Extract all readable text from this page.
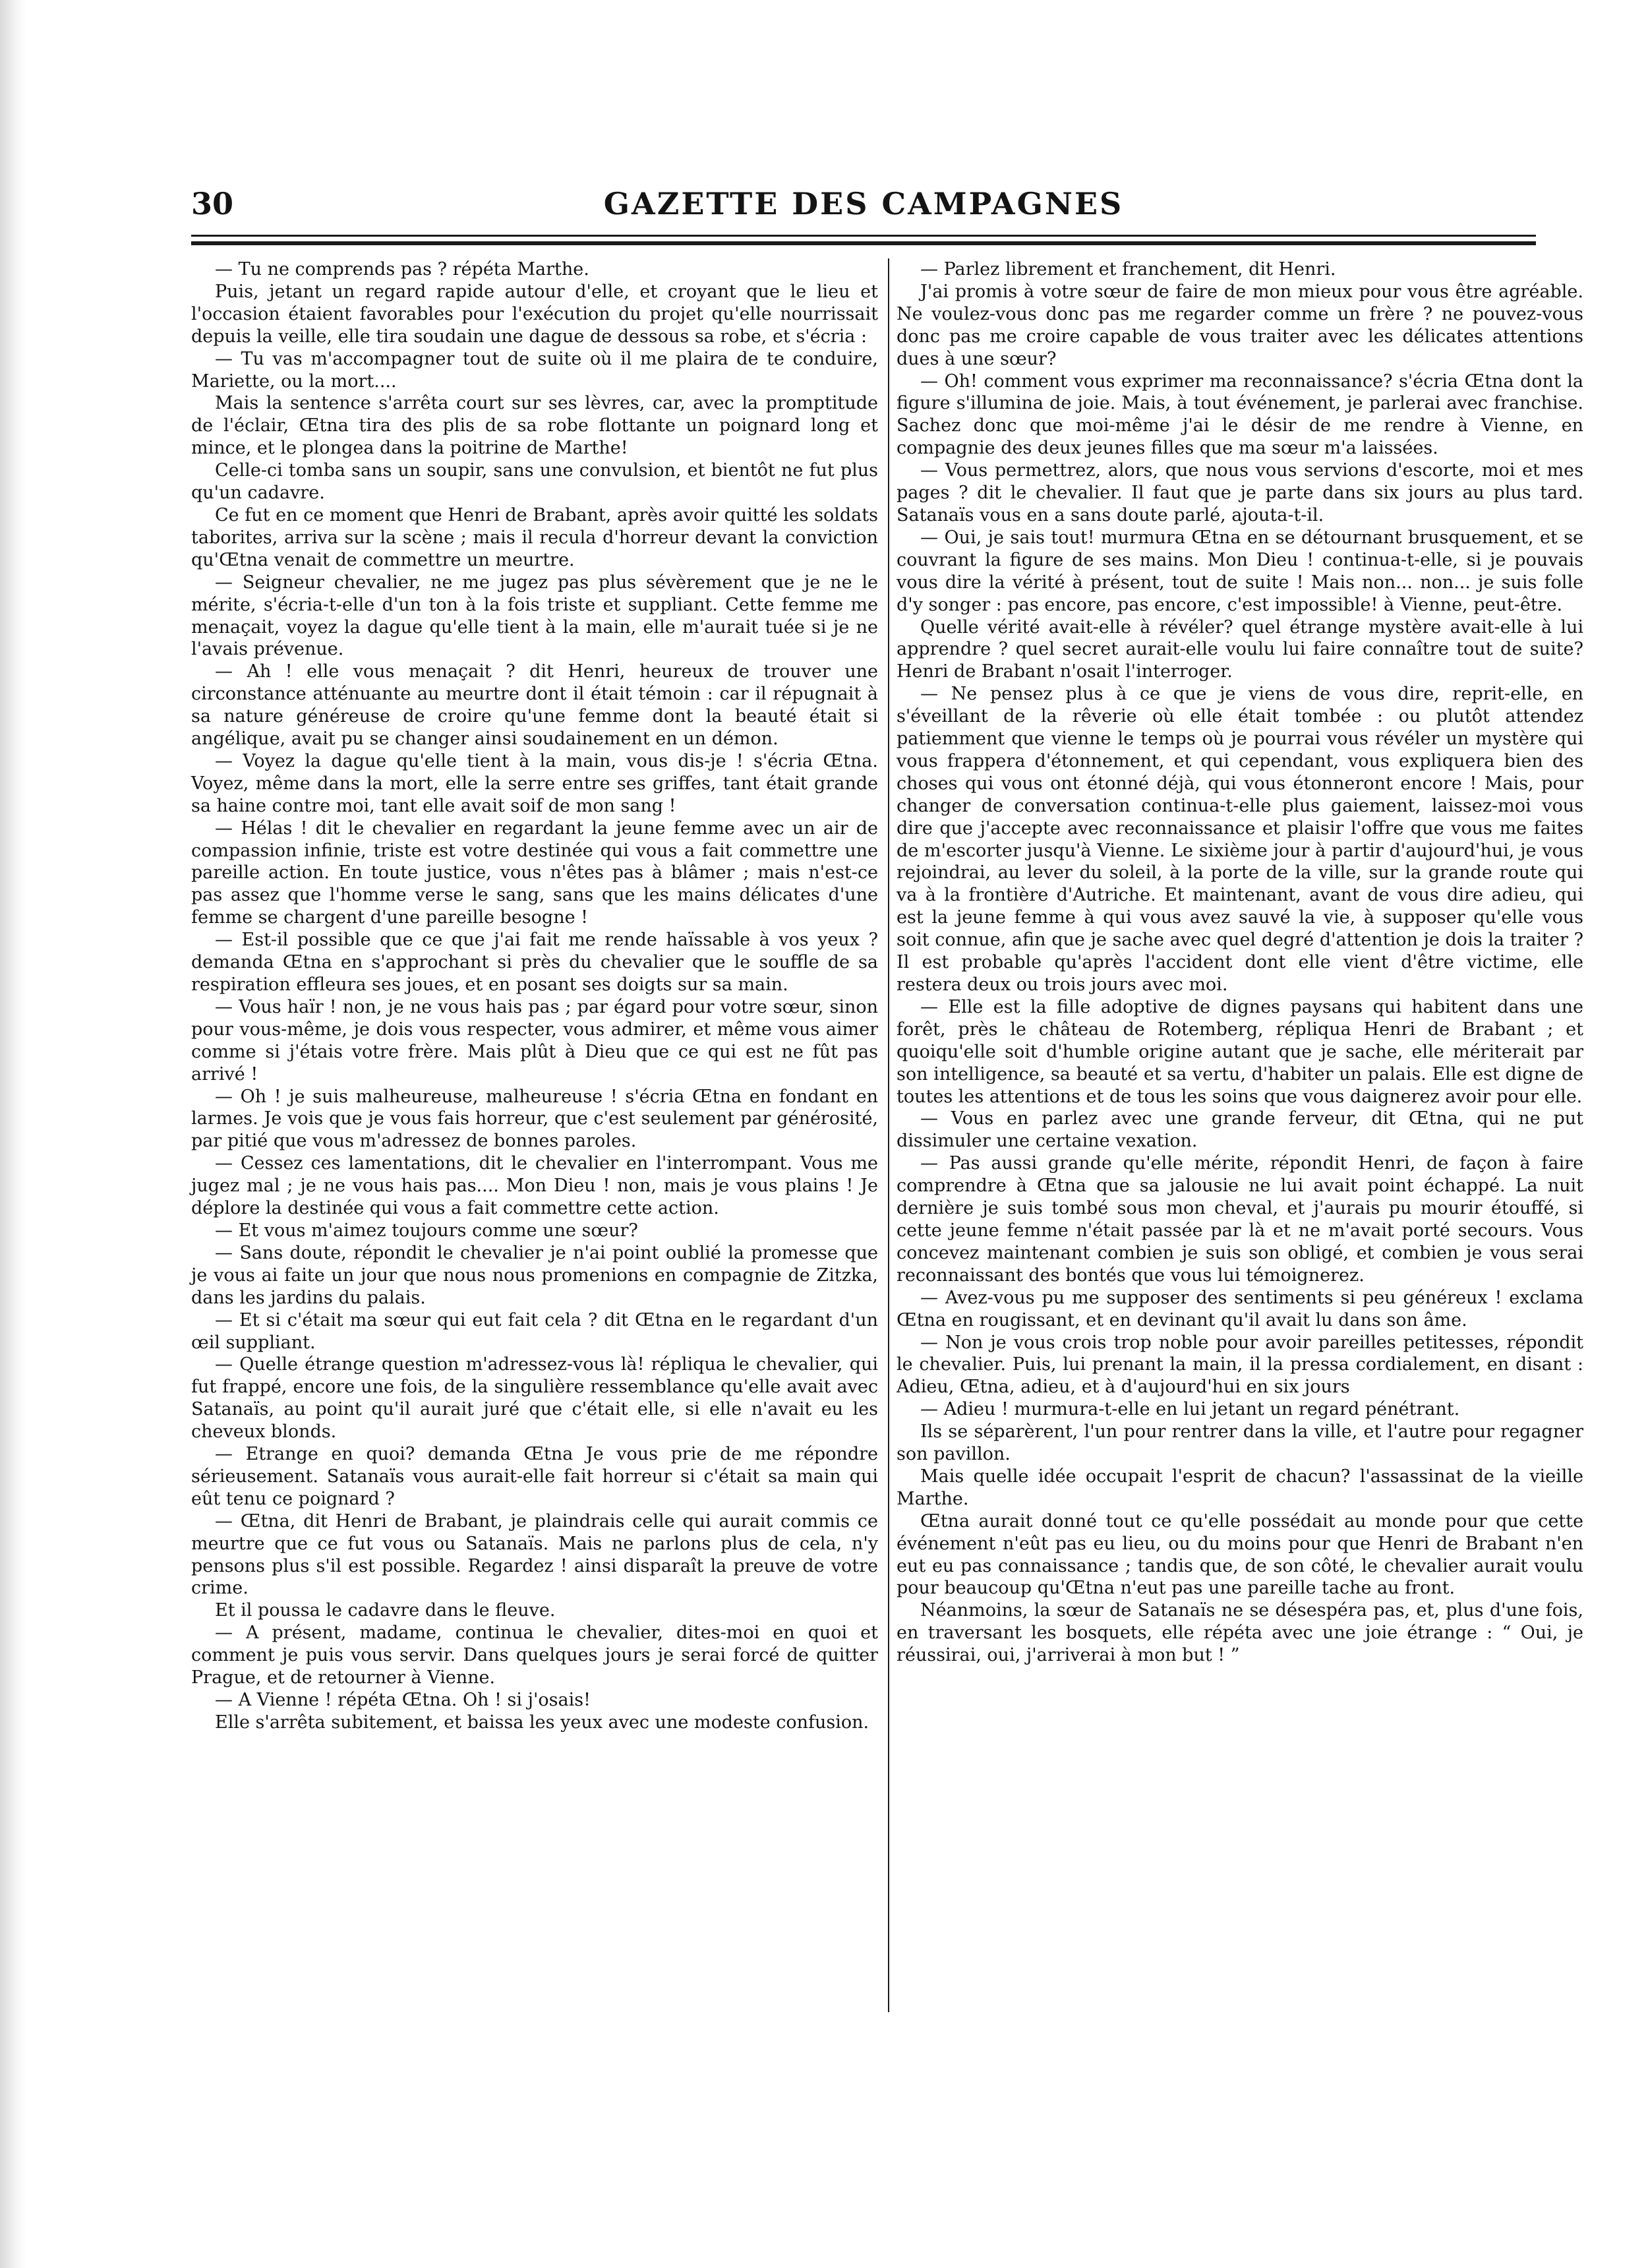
30	GAZETTE DES CAMPAGNES

— Tu ne comprends pas ? répéta Marthe.

Puis, jetant un regard rapide autour d'elle, et croyant que le lieu et l'occasion étaient favorables pour l'exécution du projet qu'elle nourrissait depuis la veille, elle tira soudain une dague de dessous sa robe, et s'écria :

— Tu vas m'accompagner tout de suite où il me plaira de te conduire, Mariette, ou la mort....

Mais la sentence s'arrêta court sur ses lèvres, car, avec la promptitude de l'éclair, Œtna tira des plis de sa robe flottante un poignard long et mince, et le plongea dans la poitrine de Marthe!

Celle-ci tomba sans un soupir, sans une convulsion, et bientôt ne fut plus qu'un cadavre.

Ce fut en ce moment que Henri de Brabant, après avoir quitté les soldats taborites, arriva sur la scène ; mais il recula d'horreur devant la conviction qu'Œtna venait de commettre un meurtre.

— Seigneur chevalier, ne me jugez pas plus sévèrement que je ne le mérite, s'écria-t-elle d'un ton à la fois triste et suppliant. Cette femme me menaçait, voyez la dague qu'elle tient à la main, elle m'aurait tuée si je ne l'avais prévenue.

— Ah ! elle vous menaçait ? dit Henri, heureux de trouver une circonstance atténuante au meurtre dont il était témoin : car il répugnait à sa nature généreuse de croire qu'une femme dont la beauté était si angélique, avait pu se changer ainsi soudainement en un démon.

— Voyez la dague qu'elle tient à la main, vous dis-je ! s'écria Œtna. Voyez, même dans la mort, elle la serre entre ses griffes, tant était grande sa haine contre moi, tant elle avait soif de mon sang !

— Hélas ! dit le chevalier en regardant la jeune femme avec un air de compassion infinie, triste est votre destinée qui vous a fait commettre une pareille action. En toute justice, vous n'êtes pas à blâmer ; mais n'est-ce pas assez que l'homme verse le sang, sans que les mains délicates d'une femme se chargent d'une pareille besogne !

— Est-il possible que ce que j'ai fait me rende haïssable à vos yeux ? demanda Œtna en s'approchant si près du chevalier que le souffle de sa respiration effleura ses joues, et en posant ses doigts sur sa main.

— Vous haïr ! non, je ne vous hais pas ; par égard pour votre sœur, sinon pour vous-même, je dois vous respecter, vous admirer, et même vous aimer comme si j'étais votre frère. Mais plût à Dieu que ce qui est ne fût pas arrivé !

— Oh ! je suis malheureuse, malheureuse ! s'écria Œtna en fondant en larmes. Je vois que je vous fais horreur, que c'est seulement par générosité, par pitié que vous m'adressez de bonnes paroles.

— Cessez ces lamentations, dit le chevalier en l'interrompant. Vous me jugez mal ; je ne vous hais pas.... Mon Dieu ! non, mais je vous plains ! Je déplore la destinée qui vous a fait commettre cette action.

— Et vous m'aimez toujours comme une sœur?

— Sans doute, répondit le chevalier je n'ai point oublié la promesse que je vous ai faite un jour que nous nous promenions en compagnie de Zitzka, dans les jardins du palais.

— Et si c'était ma sœur qui eut fait cela ? dit Œtna en le regardant d'un œil suppliant.

— Quelle étrange question m'adressez-vous là! répliqua le chevalier, qui fut frappé, encore une fois, de la singulière ressemblance qu'elle avait avec Satanaïs, au point qu'il aurait juré que c'était elle, si elle n'avait eu les cheveux blonds.

— Etrange en quoi? demanda Œtna Je vous prie de me répondre sérieusement. Satanaïs vous aurait-elle fait horreur si c'était sa main qui eût tenu ce poignard ?

— Œtna, dit Henri de Brabant, je plaindrais celle qui aurait commis ce meurtre que ce fut vous ou Satanaïs. Mais ne parlons plus de cela, n'y pensons plus s'il est possible. Regardez ! ainsi disparaît la preuve de votre crime.

Et il poussa le cadavre dans le fleuve.

— A présent, madame, continua le chevalier, dites-moi en quoi et comment je puis vous servir. Dans quelques jours je serai forcé de quitter Prague, et de retourner à Vienne.

— A Vienne ! répéta Œtna. Oh ! si j'osais!

Elle s'arrêta subitement, et baissa les yeux avec une modeste confusion.

— Parlez librement et franchement, dit Henri.

J'ai promis à votre sœur de faire de mon mieux pour vous être agréable. Ne voulez-vous donc pas me regarder comme un frère ? ne pouvez-vous donc pas me croire capable de vous traiter avec les délicates attentions dues à une sœur?

— Oh! comment vous exprimer ma reconnaissance? s'écria Œtna dont la figure s'illumina de joie. Mais, à tout événement, je parlerai avec franchise. Sachez donc que moi-même j'ai le désir de me rendre à Vienne, en compagnie des deux jeunes filles que ma sœur m'a laissées.

— Vous permettrez, alors, que nous vous servions d'escorte, moi et mes pages ? dit le chevalier. Il faut que je parte dans six jours au plus tard. Satanaïs vous en a sans doute parlé, ajouta-t-il.

— Oui, je sais tout! murmura Œtna en se détournant brusquement, et se couvrant la figure de ses mains. Mon Dieu ! continua-t-elle, si je pouvais vous dire la vérité à présent, tout de suite ! Mais non... non... je suis folle d'y songer : pas encore, pas encore, c'est impossible! à Vienne, peut-être.

Quelle vérité avait-elle à révéler? quel étrange mystère avait-elle à lui apprendre ? quel secret aurait-elle voulu lui faire connaître tout de suite? Henri de Brabant n'osait l'interroger.

— Ne pensez plus à ce que je viens de vous dire, reprit-elle, en s'éveillant de la rêverie où elle était tombée : ou plutôt attendez patiemment que vienne le temps où je pourrai vous révéler un mystère qui vous frappera d'étonnement, et qui cependant, vous expliquera bien des choses qui vous ont étonné déjà, qui vous étonneront encore ! Mais, pour changer de conversation continua-t-elle plus gaiement, laissez-moi vous dire que j'accepte avec reconnaissance et plaisir l'offre que vous me faites de m'escorter jusqu'à Vienne. Le sixième jour à partir d'aujourd'hui, je vous rejoindrai, au lever du soleil, à la porte de la ville, sur la grande route qui va à la frontière d'Autriche. Et maintenant, avant de vous dire adieu, qui est la jeune femme à qui vous avez sauvé la vie, à supposer qu'elle vous soit connue, afin que je sache avec quel degré d'attention je dois la traiter ? Il est probable qu'après l'accident dont elle vient d'être victime, elle restera deux ou trois jours avec moi.

— Elle est la fille adoptive de dignes paysans qui habitent dans une forêt, près le château de Rotemberg, répliqua Henri de Brabant ; et quoiqu'elle soit d'humble origine autant que je sache, elle mériterait par son intelligence, sa beauté et sa vertu, d'habiter un palais. Elle est digne de toutes les attentions et de tous les soins que vous daignerez avoir pour elle.

— Vous en parlez avec une grande ferveur, dit Œtna, qui ne put dissimuler une certaine vexation.

— Pas aussi grande qu'elle mérite, répondit Henri, de façon à faire comprendre à Œtna que sa jalousie ne lui avait point échappé. La nuit dernière je suis tombé sous mon cheval, et j'aurais pu mourir étouffé, si cette jeune femme n'était passée par là et ne m'avait porté secours. Vous concevez maintenant combien je suis son obligé, et combien je vous serai reconnaissant des bontés que vous lui témoignerez.

— Avez-vous pu me supposer des sentiments si peu généreux ! exclama Œtna en rougissant, et en devinant qu'il avait lu dans son âme.

— Non je vous crois trop noble pour avoir pareilles petitesses, répondit le chevalier. Puis, lui prenant la main, il la pressa cordialement, en disant : Adieu, Œtna, adieu, et à d'aujourd'hui en six jours

— Adieu ! murmura-t-elle en lui jetant un regard pénétrant.

Ils se séparèrent, l'un pour rentrer dans la ville, et l'autre pour regagner son pavillon.

Mais quelle idée occupait l'esprit de chacun? l'assassinat de la vieille Marthe.

Œtna aurait donné tout ce qu'elle possédait au monde pour que cette événement n'eût pas eu lieu, ou du moins pour que Henri de Brabant n'en eut eu pas connaissance ; tandis que, de son côté, le chevalier aurait voulu pour beaucoup qu'Œtna n'eut pas une pareille tache au front.

Néanmoins, la sœur de Satanaïs ne se désespéra pas, et, plus d'une fois, en traversant les bosquets, elle répéta avec une joie étrange : “ Oui, je réussirai, oui, j'arriverai à mon but ! ”
